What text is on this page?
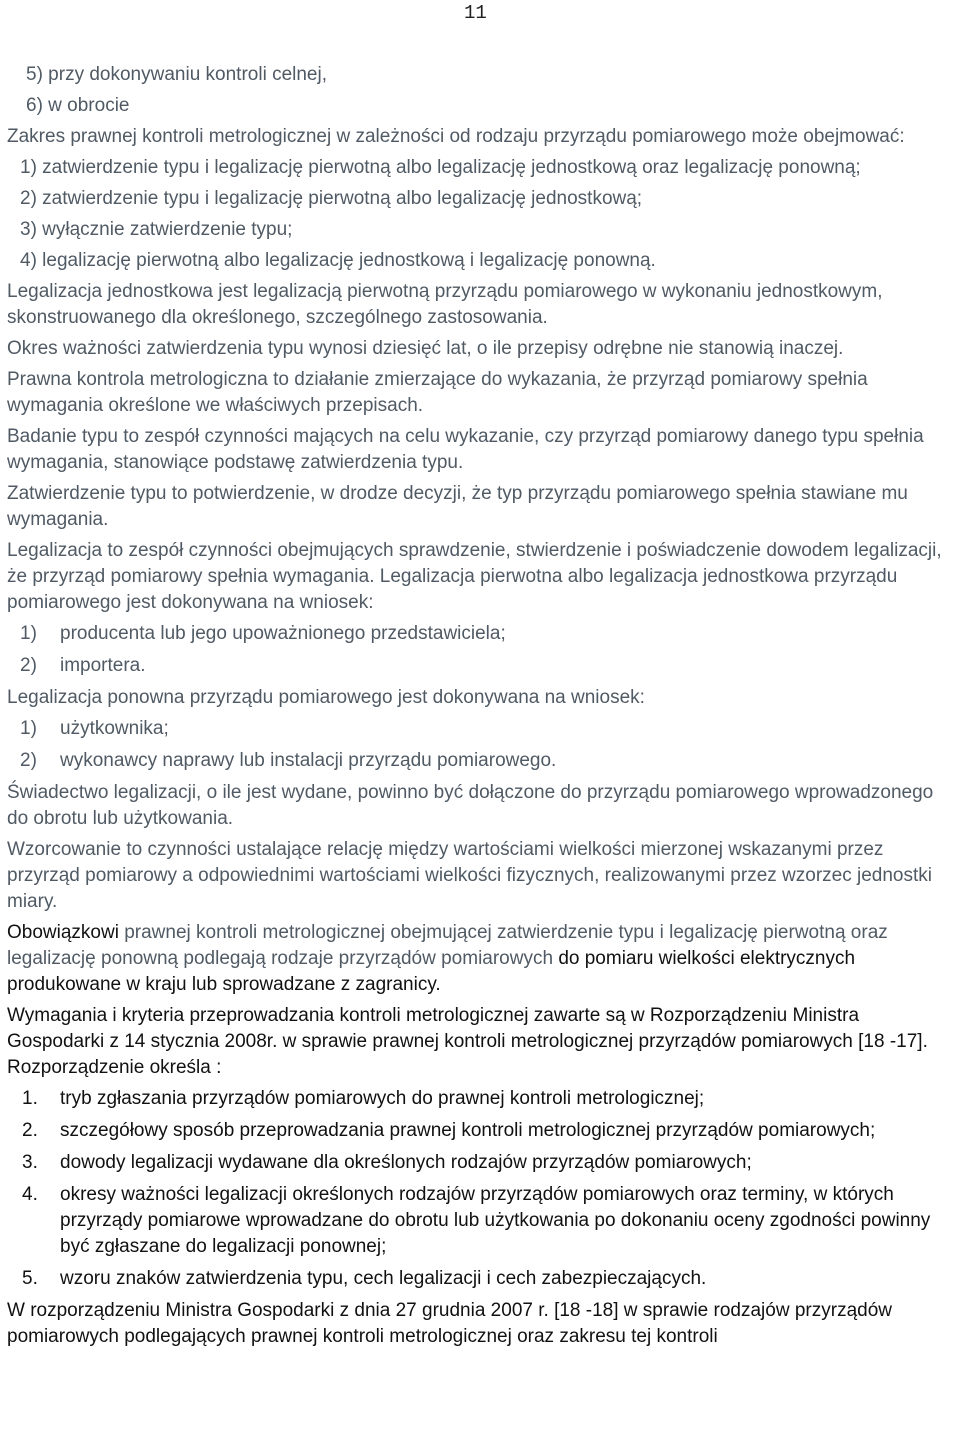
11

5) przy dokonywaniu kontroli celnej,

6) w obrocie

Zakres prawnej kontroli metrologicznej w zależności od rodzaju przyrządu pomiarowego może obejmować:

1) zatwierdzenie typu i legalizację pierwotną albo legalizację jednostkową oraz legalizację ponowną;

2) zatwierdzenie typu i legalizację pierwotną albo legalizację jednostkową;

3) wyłącznie zatwierdzenie typu;

4) legalizację pierwotną albo legalizację jednostkową i legalizację ponowną.

Legalizacja jednostkowa jest legalizacją pierwotną przyrządu pomiarowego w wykonaniu jednostkowym, skonstruowanego dla określonego, szczególnego zastosowania.

Okres ważności zatwierdzenia typu wynosi dziesięć lat, o ile przepisy odrębne nie stanowią inaczej.

Prawna kontrola metrologiczna to działanie zmierzające do wykazania, że przyrząd pomiarowy spełnia wymagania określone we właściwych przepisach.

Badanie typu to zespół czynności mających na celu wykazanie, czy przyrząd pomiarowy danego typu spełnia wymagania, stanowiące podstawę zatwierdzenia typu.

Zatwierdzenie typu to potwierdzenie, w drodze decyzji, że typ przyrządu pomiarowego spełnia stawiane mu wymagania.

Legalizacja to zespół czynności obejmujących sprawdzenie, stwierdzenie i poświadczenie dowodem legalizacji, że przyrząd pomiarowy spełnia wymagania. Legalizacja pierwotna albo legalizacja jednostkowa przyrządu pomiarowego jest dokonywana na wniosek:

1)	producenta lub jego upoważnionego przedstawiciela;
2)	importera.

Legalizacja ponowna przyrządu pomiarowego jest dokonywana na wniosek:

1)	użytkownika;
2)	wykonawcy naprawy lub instalacji przyrządu pomiarowego.

Świadectwo legalizacji, o ile jest wydane, powinno być dołączone do przyrządu pomiarowego wprowadzonego do obrotu lub użytkowania.

Wzorcowanie to czynności ustalające relację między wartościami wielkości mierzonej wskazanymi przez przyrząd pomiarowy a odpowiednimi wartościami wielkości fizycznych, realizowanymi przez wzorzec jednostki miary.

Obowiązkowi prawnej kontroli metrologicznej obejmującej zatwierdzenie typu i legalizację pierwotną oraz legalizację ponowną podlegają rodzaje przyrządów pomiarowych do pomiaru wielkości elektrycznych produkowane w kraju lub sprowadzane z zagranicy.

Wymagania i kryteria przeprowadzania kontroli metrologicznej zawarte są w Rozporządzeniu Ministra Gospodarki z 14 stycznia 2008r. w sprawie prawnej kontroli metrologicznej przyrządów pomiarowych [18 -17]. Rozporządzenie określa :

1.	tryb zgłaszania przyrządów pomiarowych do prawnej kontroli metrologicznej;
2.	szczegółowy sposób przeprowadzania prawnej kontroli metrologicznej przyrządów pomiarowych;
3.	dowody legalizacji wydawane dla określonych rodzajów przyrządów pomiarowych;
4.	okresy ważności legalizacji określonych rodzajów przyrządów pomiarowych oraz terminy, w których przyrządy pomiarowe wprowadzane do obrotu lub użytkowania po dokonaniu oceny zgodności powinny być zgłaszane do legalizacji ponownej;
5.	wzoru znaków zatwierdzenia typu, cech legalizacji i cech zabezpieczających.

W rozporządzeniu Ministra Gospodarki z dnia 27 grudnia 2007 r. [18 -18] w sprawie rodzajów przyrządów pomiarowych podlegających prawnej kontroli metrologicznej oraz zakresu tej kontroli
